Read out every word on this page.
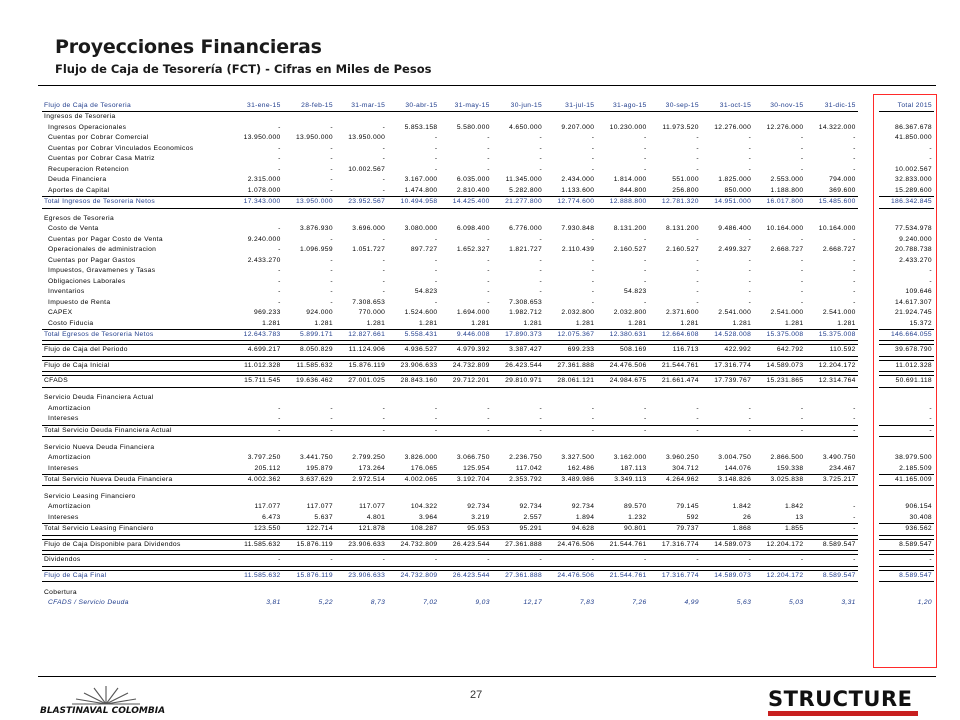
Proyecciones Financieras
Flujo de Caja de Tesorería (FCT) - Cifras en Miles de Pesos
Flujo de Caja de Tesoreria	31-ene-15	28-feb-15	31-mar-15	30-abr-15	31-may-15	30-jun-15	31-jul-15	31-ago-15	30-sep-15	31-oct-15	30-nov-15	31-dic-15		Total 2015
Ingresos de Tesoreria														
Ingresos Operacionales	-	-	-	5.853.158	5.580.000	4.650.000	9.207.000	10.230.000	11.973.520	12.276.000	12.276.000	14.322.000		86.367.678
Cuentas por Cobrar Comercial	13.950.000	13.950.000	13.950.000	-	-	-	-	-	-	-	-	-		41.850.000
Cuentas por Cobrar Vinculados Economicos	-	-	-	-	-	-	-	-	-	-	-	-		-
Cuentas por Cobrar Casa Matriz	-	-	-	-	-	-	-	-	-	-	-	-		-
Recuperacion Retencion	-	-	10.002.567	-	-	-	-	-	-	-	-	-		10.002.567
Deuda Financiera	2.315.000	-	-	3.167.000	6.035.000	11.345.000	2.434.000	1.814.000	551.000	1.825.000	2.553.000	794.000		32.833.000
Aportes de Capital	1.078.000	-	-	1.474.800	2.810.400	5.282.800	1.133.600	844.800	256.800	850.000	1.188.800	369.600		15.289.600
Total Ingresos de Tesoreria Netos	17.343.000	13.950.000	23.952.567	10.494.958	14.425.400	21.277.800	12.774.600	12.888.800	12.781.320	14.951.000	16.017.800	15.485.600		186.342.845

Egresos de Tesoreria														
Costo de Venta	-	3.876.930	3.696.000	3.080.000	6.098.400	6.776.000	7.930.848	8.131.200	8.131.200	9.486.400	10.164.000	10.164.000		77.534.978
Cuentas por Pagar Costo de Venta	9.240.000	-	-	-	-	-	-	-	-	-	-	-		9.240.000
Operacionales de administracion	-	1.096.959	1.051.727	897.727	1.652.327	1.821.727	2.110.439	2.160.527	2.160.527	2.499.327	2.668.727	2.668.727		20.788.738
Cuentas por Pagar Gastos	2.433.270	-	-	-	-	-	-	-	-	-	-	-		2.433.270
Impuestos, Gravamenes y Tasas	-	-	-	-	-	-	-	-	-	-	-	-		-
Obligaciones Laborales	-	-	-	-	-	-	-	-	-	-	-	-		-
Inventarios	-	-	-	54.823	-	-	-	54.823	-	-	-	-		109.646
Impuesto de Renta	-	-	7.308.653	-	-	7.308.653	-	-	-	-	-	-		14.617.307
CAPEX	969.233	924.000	770.000	1.524.600	1.694.000	1.982.712	2.032.800	2.032.800	2.371.600	2.541.000	2.541.000	2.541.000		21.924.745
Costo Fiducia	1.281	1.281	1.281	1.281	1.281	1.281	1.281	1.281	1.281	1.281	1.281	1.281		15.372
Total Egresos de Tesoreria Netos	12.643.783	5.899.171	12.827.661	5.558.431	9.446.008	17.890.373	12.075.367	12.380.631	12.664.608	14.528.008	15.375.008	15.375.008		146.664.055

Flujo de Caja del Periodo	4.699.217	8.050.829	11.124.906	4.936.527	4.979.392	3.387.427	699.233	508.169	116.713	422.992	642.792	110.592		39.678.790

Flujo de Caja Inicial	11.012.328	11.585.632	15.876.119	23.906.633	24.732.809	26.423.544	27.361.888	24.476.506	21.544.761	17.316.774	14.589.073	12.204.172		11.012.328

CFADS	15.711.545	19.636.462	27.001.025	28.843.160	29.712.201	29.810.971	28.061.121	24.984.675	21.661.474	17.739.767	15.231.865	12.314.764		50.691.118

Servicio Deuda Financiera Actual														
Amortizacion	-	-	-	-	-	-	-	-	-	-	-	-		-
Intereses	-	-	-	-	-	-	-	-	-	-	-	-		-
Total Servicio Deuda Financiera Actual	-	-	-	-	-	-	-	-	-	-	-	-		-

Servicio Nueva Deuda Financiera														
Amortizacion	3.797.250	3.441.750	2.799.250	3.826.000	3.066.750	2.236.750	3.327.500	3.162.000	3.960.250	3.004.750	2.866.500	3.490.750		38.979.500
Intereses	205.112	195.879	173.264	176.065	125.954	117.042	162.486	187.113	304.712	144.076	159.338	234.467		2.185.509
Total Servicio Nueva Deuda Financiera	4.002.362	3.637.629	2.972.514	4.002.065	3.192.704	2.353.792	3.489.986	3.349.113	4.264.962	3.148.826	3.025.838	3.725.217		41.165.009

Servicio Leasing Financiero														
Amortizacion	117.077	117.077	117.077	104.322	92.734	92.734	92.734	89.570	79.145	1.842	1.842	-		906.154
Intereses	6.473	5.637	4.801	3.964	3.219	2.557	1.894	1.232	592	26	13	-		30.408
Total Servicio Leasing Financiero	123.550	122.714	121.878	108.287	95.953	95.291	94.628	90.801	79.737	1.868	1.855	-		936.562

Flujo de Caja Disponible para Dividendos	11.585.632	15.876.119	23.906.633	24.732.809	26.423.544	27.361.888	24.476.506	21.544.761	17.316.774	14.589.073	12.204.172	8.589.547		8.589.547

Dividendos	-	-	-	-	-	-	-	-	-	-	-	-		-

Flujo de Caja Final	11.585.632	15.876.119	23.906.633	24.732.809	26.423.544	27.361.888	24.476.506	21.544.761	17.316.774	14.589.073	12.204.172	8.589.547		8.589.547

Cobertura														
CFADS / Servicio Deuda	3,81	5,22	8,73	7,02	9,03	12,17	7,83	7,26	4,99	5,63	5,03	3,31		1,20
27
BLASTINAVAL COLOMBIA	STRUCTURE
